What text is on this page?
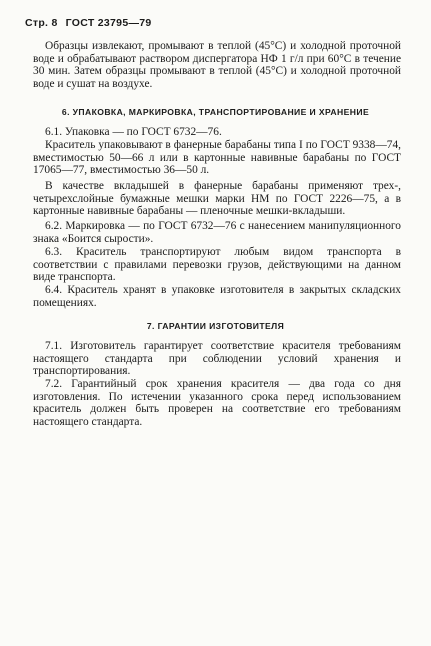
Стр. 8 ГОСТ 23795—79

Образцы извлекают, промывают в теплой (45°С) и холодной проточной воде и обрабатывают раствором диспергатора НФ 1 г/л при 60°С в течение 30 мин. Затем образцы промывают в теплой (45°С) и холодной проточной воде и сушат на воздухе.

6. УПАКОВКА, МАРКИРОВКА, ТРАНСПОРТИРОВАНИЕ И ХРАНЕНИЕ

6.1. Упаковка — по ГОСТ 6732—76.

Краситель упаковывают в фанерные барабаны типа I по ГОСТ 9338—74, вместимостью 50—66 л или в картонные навивные барабаны по ГОСТ 17065—77, вместимостью 36—50 л.

В качестве вкладышей в фанерные барабаны применяют трех-, четырехслойные бумажные мешки марки НМ по ГОСТ 2226—75, а в картонные навивные барабаны — пленочные мешки-вкладыши.

6.2. Маркировка — по ГОСТ 6732—76 с нанесением манипуляционного знака «Боится сырости».

6.3. Краситель транспортируют любым видом транспорта в соответствии с правилами перевозки грузов, действующими на данном виде транспорта.

6.4. Краситель хранят в упаковке изготовителя в закрытых складских помещениях.

7. ГАРАНТИИ ИЗГОТОВИТЕЛЯ

7.1. Изготовитель гарантирует соответствие красителя требованиям настоящего стандарта при соблюдении условий хранения и транспортирования.

7.2. Гарантийный срок хранения красителя — два года со дня изготовления. По истечении указанного срока перед использованием краситель должен быть проверен на соответствие его требованиям настоящего стандарта.
